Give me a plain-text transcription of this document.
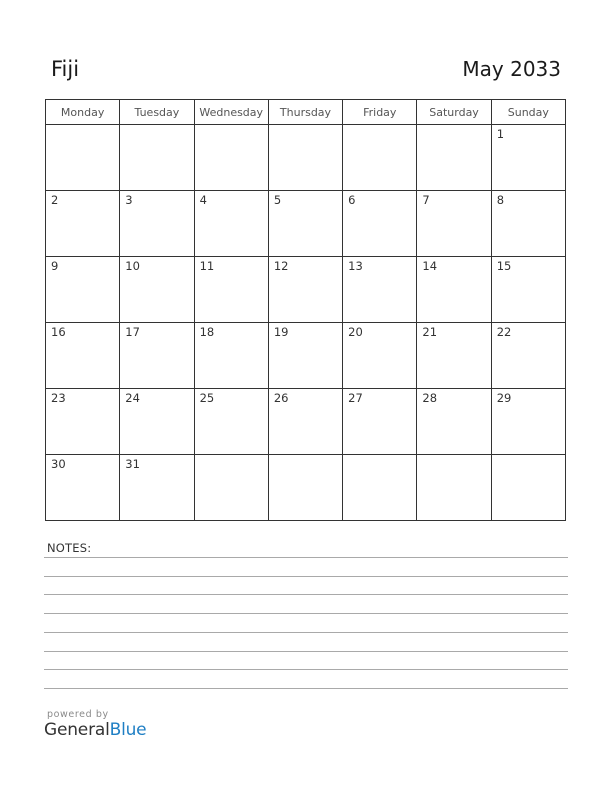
Fiji	May 2033
Monday	Tuesday	Wednesday	Thursday	Friday	Saturday	Sunday

						1

2	3	4	5	6	7	8

9	10	11	12	13	14	15

16	17	18	19	20	21	22

23	24	25	26	27	28	29

30	31					

NOTES:
powered by
GeneralBlue
